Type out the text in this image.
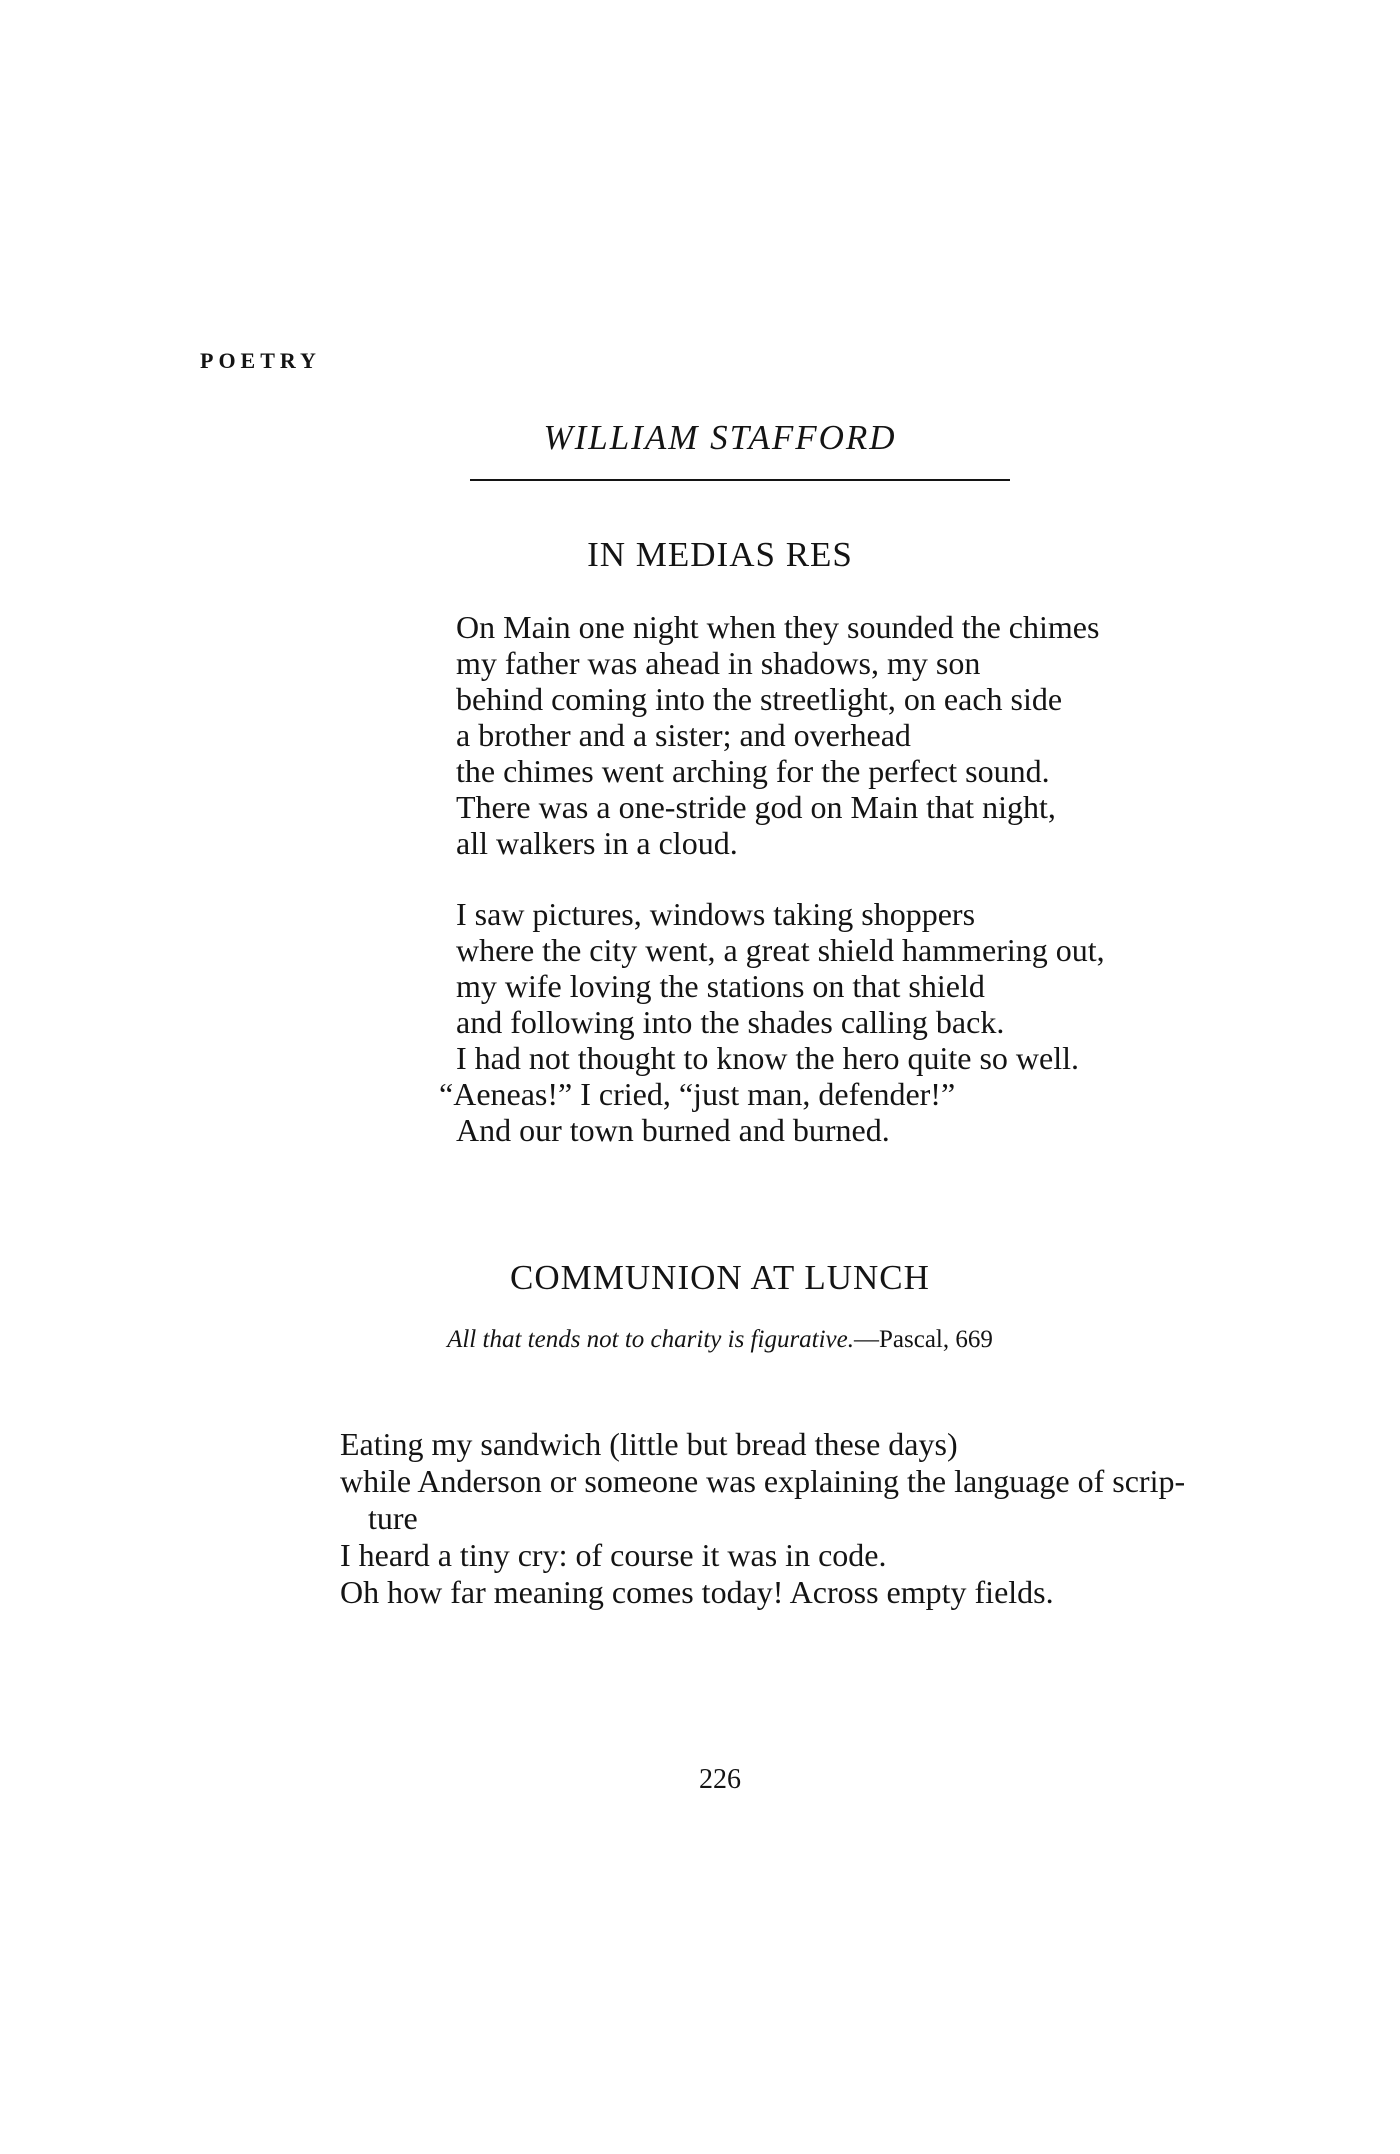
POETRY
WILLIAM STAFFORD
IN MEDIAS RES
On Main one night when they sounded the chimes
my father was ahead in shadows, my son
behind coming into the streetlight, on each side
a brother and a sister; and overhead
the chimes went arching for the perfect sound.
There was a one-stride god on Main that night,
all walkers in a cloud.
I saw pictures, windows taking shoppers
where the city went, a great shield hammering out,
my wife loving the stations on that shield
and following into the shades calling back.
I had not thought to know the hero quite so well.
“Aeneas!” I cried, “just man, defender!”
And our town burned and burned.
COMMUNION AT LUNCH
All that tends not to charity is figurative.—Pascal, 669
Eating my sandwich (little but bread these days)
while Anderson or someone was explaining the language of scrip-
ture
I heard a tiny cry: of course it was in code.
Oh how far meaning comes today! Across empty fields.
226
